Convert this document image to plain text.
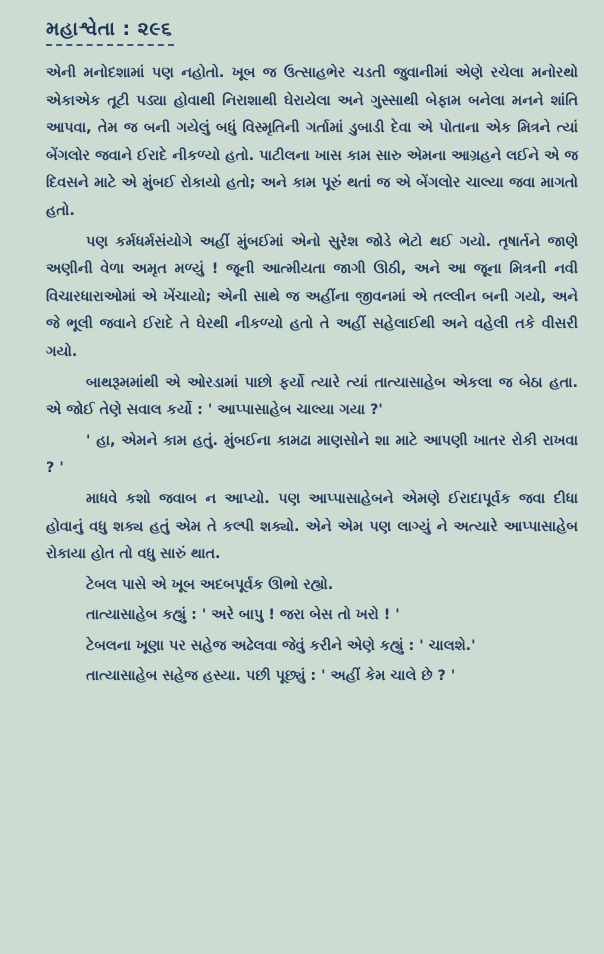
મહાશ્વેતા : ૨૯૬

એની મનોદશામાં પણ નહોતો. ખૂબ જ ઉત્સાહભેર ચડતી જુવાનીમાં એણે રચેલા મનોરથો એકાએક તૂટી પડ્યા હોવાથી નિરાશાથી ઘેરાયેલા અને ગુસ્સાથી બેફામ બનેલા મનને શાંતિ આપવા, તેમ જ બની ગયેલું બધું વિસ્મૃતિની ગર્તામાં ડુબાડી દેવા એ પોતાના એક મિત્રને ત્યાં બેંગલોર જવાને ઈરાદે નીકળ્યો હતો. પાટીલના ખાસ કામ સારુ એમના આગ્રહને લઈને એ જ દિવસને માટે એ મુંબઈ રોકાયો હતો; અને કામ પૂરું થતાં જ એ બેંગલોર ચાલ્યા જવા માગતો હતો.

પણ કર્મધર્મસંયોગે અહીં મુંબઈમાં એનો સુરેશ જોડે ભેટો થઈ ગયો. તૃષાર્તને જાણે અણીની વેળા અમૃત મળ્યું ! જૂની આત્મીયતા જાગી ઊઠી, અને આ જૂના મિત્રની નવી વિચારધારાઓમાં એ ખેંચાયો; એની સાથે જ અહીંના જીવનમાં એ તલ્લીન બની ગયો, અને જે ભૂલી જવાને ઈરાદે તે ઘેરથી નીકળ્યો હતો તે અહીં સહેલાઈથી અને વહેલી તકે વીસરી ગયો.

બાથરૂમમાંથી એ ઓરડામાં પાછો ફર્યો ત્યારે ત્યાં તાત્યાસાહેબ એકલા જ બેઠા હતા. એ જોઈ તેણે સવાલ કર્યો : ' આપ્પાસાહેબ ચાલ્યા ગયા ?'

' હા, એમને કામ હતું. મુંબઈના કામઢા માણસોને શા માટે આપણી ખાતર રોકી રાખવા ? '

માધવે કશો જવાબ ન આપ્યો. પણ આપ્પાસાહેબને એમણે ઈરાદાપૂર્વક જવા દીધા હોવાનું વધુ શક્ય હતું એમ તે કલ્પી શક્યો. એને એમ પણ લાગ્યું ને અત્યારે આપ્પાસાહેબ રોકાયા હોત તો વધુ સારું થાત.

ટેબલ પાસે એ ખૂબ અદબપૂર્વક ઊભો રહ્યો.

તાત્યાસાહેબ કહ્યું : ' અરે બાપુ ! જરા બેસ તો ખરો ! '

ટેબલના ખૂણા પર સહેજ અઢેલવા જેવું કરીને એણે કહ્યું : ' ચાલશે.'

તાત્યાસાહેબ સહેજ હસ્યા. પછી પૂછ્યું : ' અહીં કેમ ચાલે છે ? '
